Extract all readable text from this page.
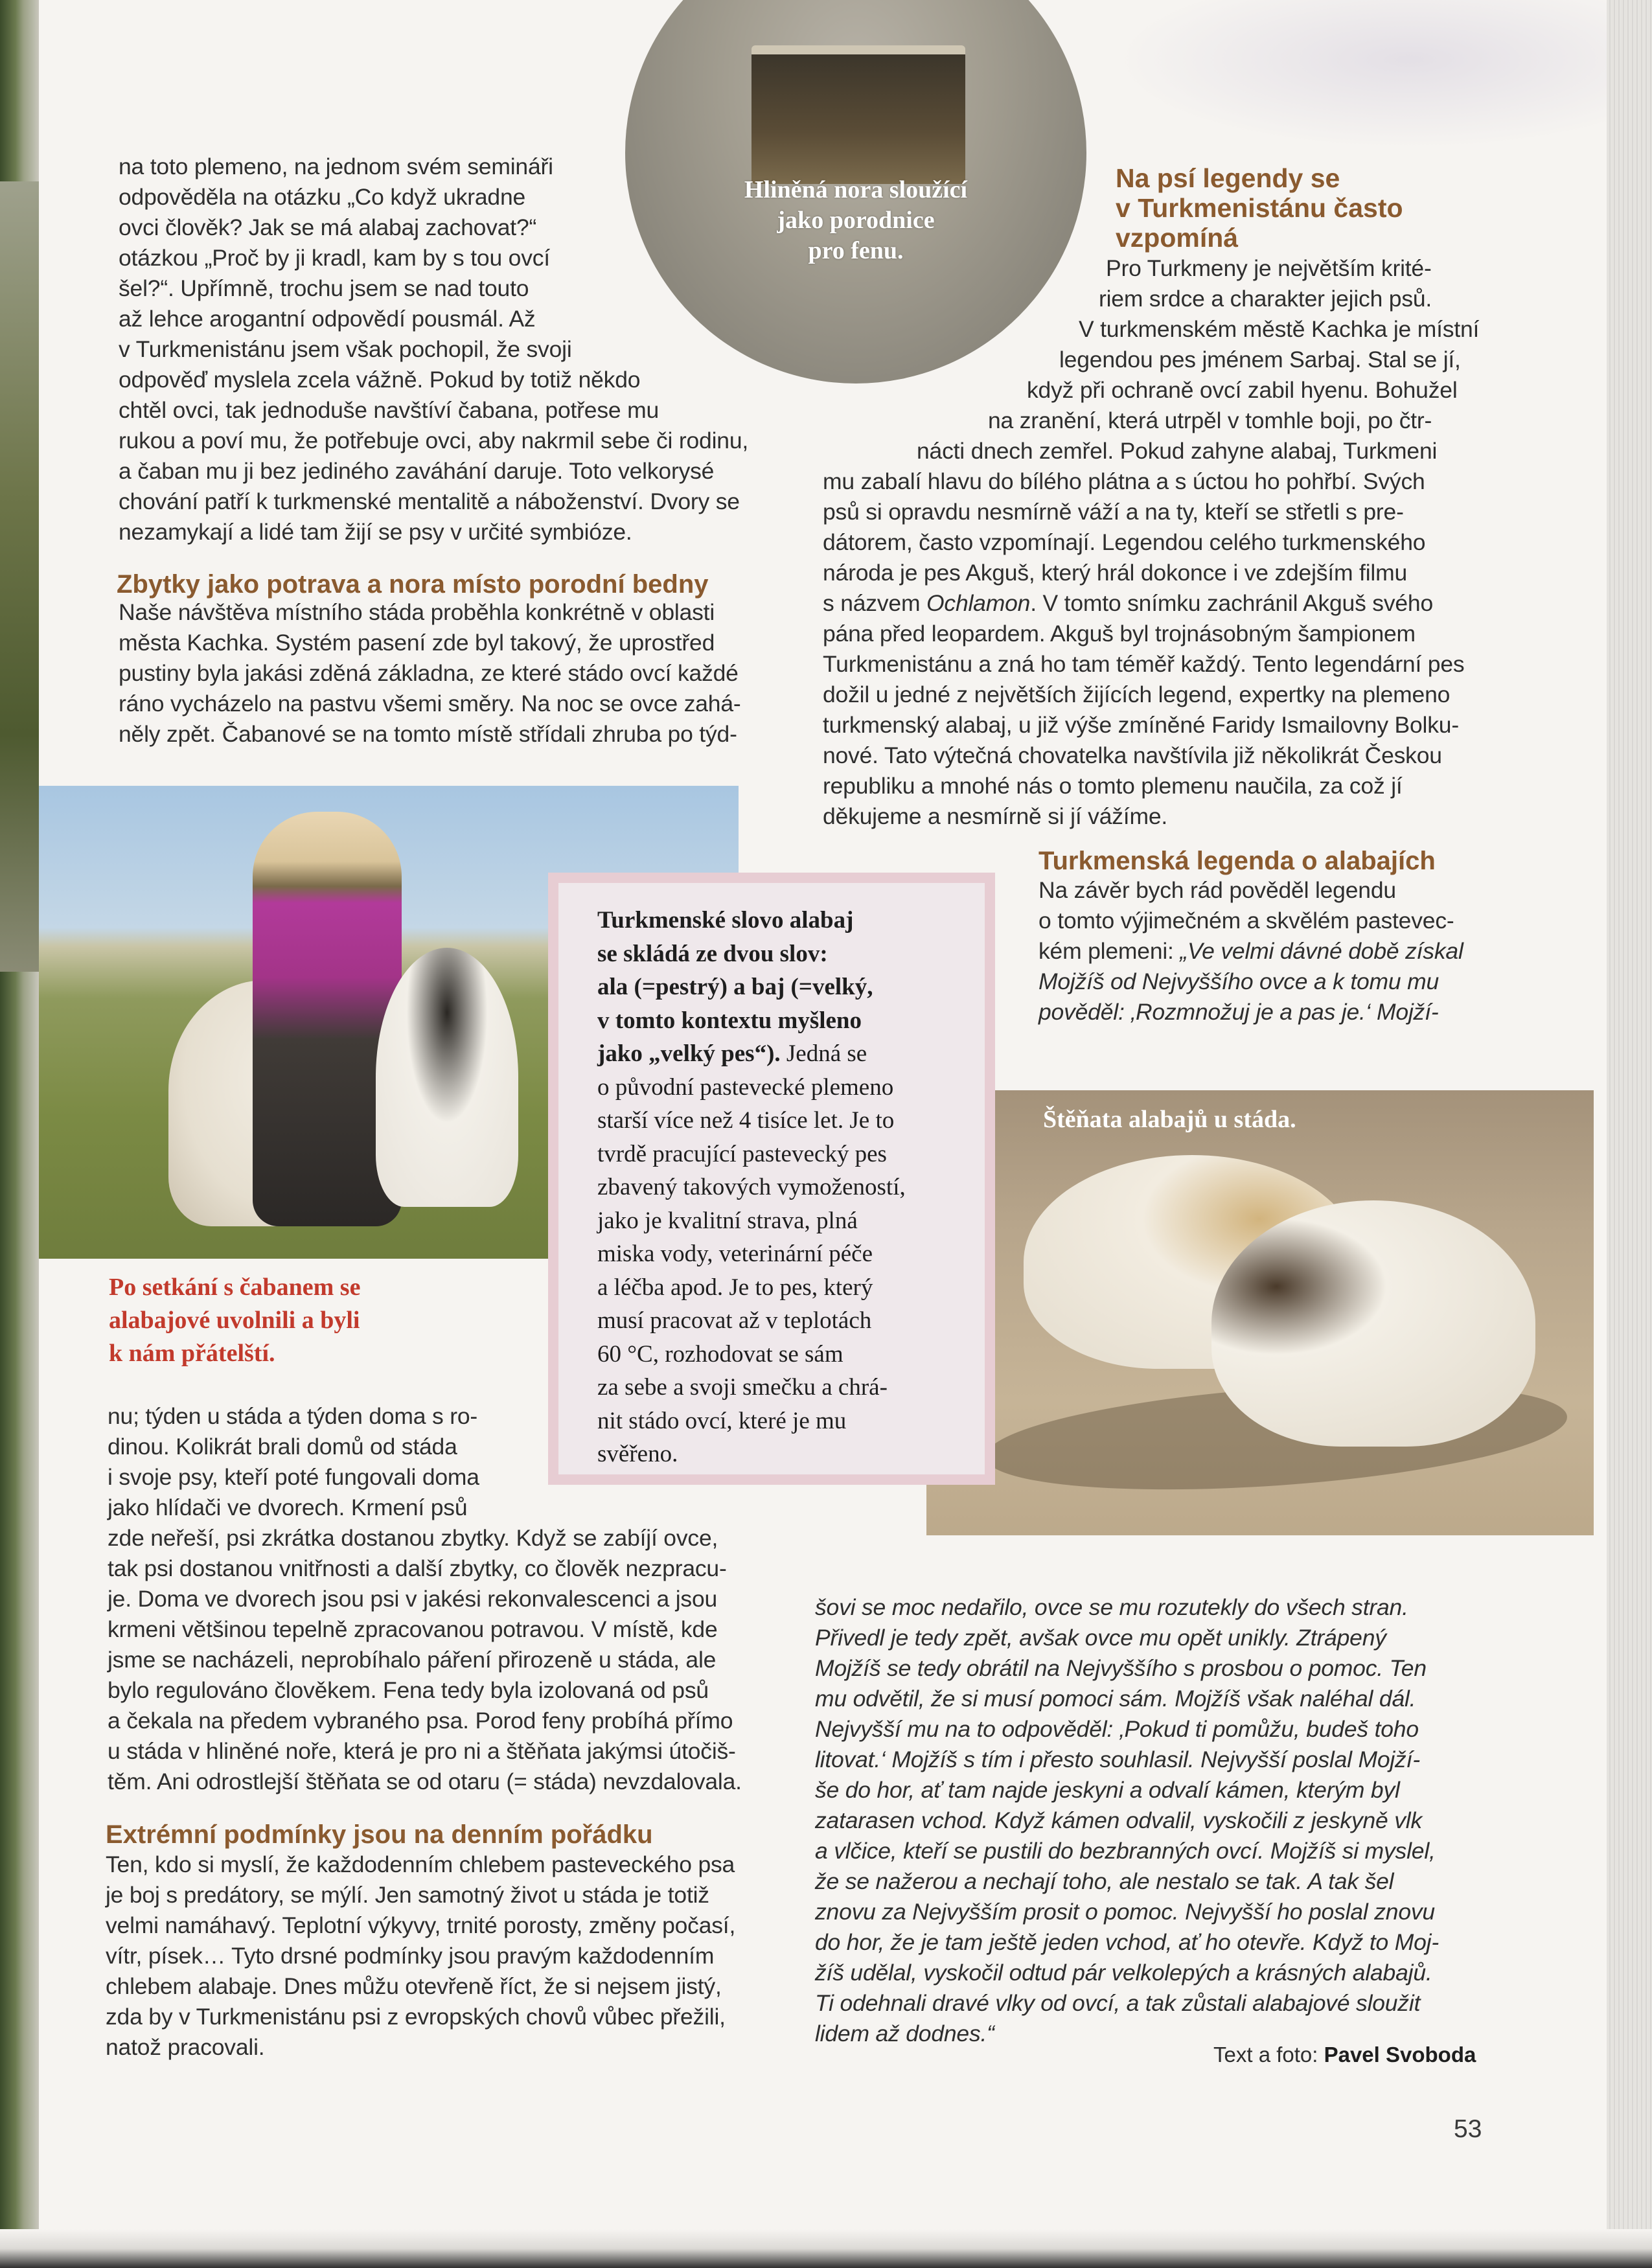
na toto plemeno, na jednom svém semináři
odpověděla na otázku „Co když ukradne
ovci člověk? Jak se má alabaj zachovat?“
otázkou „Proč by ji kradl, kam by s tou ovcí
šel?“. Upřímně, trochu jsem se nad touto
až lehce arogantní odpovědí pousmál. Až
v Turkmenistánu jsem však pochopil, že svoji
odpověď myslela zcela vážně. Pokud by totiž někdo
chtěl ovci, tak jednoduše navštíví čabana, potřese mu
rukou a poví mu, že potřebuje ovci, aby nakrmil sebe či rodinu,
a čaban mu ji bez jediného zaváhání daruje. Toto velkorysé
chování patří k turkmenské mentalitě a náboženství. Dvory se
nezamykají a lidé tam žijí se psy v určité symbióze.

Zbytky jako potrava a nora místo porodní bedny

Naše návštěva místního stáda proběhla konkrétně v oblasti
města Kachka. Systém pasení zde byl takový, že uprostřed
pustiny byla jakási zděná základna, ze které stádo ovcí každé
ráno vycházelo na pastvu všemi směry. Na noc se ovce zahá-
něly zpět. Čabanové se na tomto místě střídali zhruba po týd-

Hliněná nora sloužící
jako porodnice
pro fenu.
Na psí legendy se
v Turkmenistánu často
vzpomíná

Pro Turkmeny je největším krité-

riem srdce a charakter jejich psů.

V turkmenském městě Kachka je místní

legendou pes jménem Sarbaj. Stal se jí,

když při ochraně ovcí zabil hyenu. Bohužel

na zranění, která utrpěl v tomhle boji, po čtr-

nácti dnech zemřel. Pokud zahyne alabaj, Turkmeni

mu zabalí hlavu do bílého plátna a s úctou ho pohřbí. Svých

psů si opravdu nesmírně váží a na ty, kteří se střetli s pre-

dátorem, často vzpomínají. Legendou celého turkmenského

národa je pes Akguš, který hrál dokonce i ve zdejším filmu

s názvem Ochlamon. V tomto snímku zachránil Akguš svého

pána před leopardem. Akguš byl trojnásobným šampionem
Turkmenistánu a zná ho tam téměř každý. Tento legendární pes
dožil u jedné z největších žijících legend, expertky na plemeno
turkmenský alabaj, u již výše zmíněné Faridy Ismailovny Bolku-
nové. Tato výtečná chovatelka navštívila již několikrát Českou
republiku a mnohé nás o tomto plemenu naučila, za což jí
děkujeme a nesmírně si jí vážíme.

Turkmenská legenda o alabajích

Na závěr bych rád pověděl legendu
o tomto výjimečném a skvělém pastevec-
kém plemeni: „Ve velmi dávné době získal
Mojžíš od Nejvyššího ovce a k tomu mu
pověděl: ‚Rozmnožuj je a pas je.‘ Mojží-

Po setkání s čabanem se
alabajové uvolnili a byli
k nám přátelští.

Štěňata alabajů u stáda.

Turkmenské slovo alabaj
se skládá ze dvou slov:
ala (=pestrý) a baj (=velký,
v tomto kontextu myšleno
jako „velký pes“). Jedná se
o původní pastevecké plemeno
starší více než 4 tisíce let. Je to
tvrdě pracující pastevecký pes
zbavený takových vymožeností,
jako je kvalitní strava, plná
miska vody, veterinární péče
a léčba apod. Je to pes, který
musí pracovat až v teplotách
60 °C, rozhodovat se sám
za sebe a svoji smečku a chrá-
nit stádo ovcí, které je mu
svěřeno.

nu; týden u stáda a týden doma s ro-
dinou. Kolikrát brali domů od stáda
i svoje psy, kteří poté fungovali doma
jako hlídači ve dvorech. Krmení psů

zde neřeší, psi zkrátka dostanou zbytky. Když se zabíjí ovce,
tak psi dostanou vnitřnosti a další zbytky, co člověk nezpracu-
je. Doma ve dvorech jsou psi v jakési rekonvalescenci a jsou
krmeni většinou tepelně zpracovanou potravou. V místě, kde
jsme se nacházeli, neprobíhalo páření přirozeně u stáda, ale
bylo regulováno člověkem. Fena tedy byla izolovaná od psů
a čekala na předem vybraného psa. Porod feny probíhá přímo
u stáda v hliněné noře, která je pro ni a štěňata jakýmsi útočiš-
těm. Ani odrostlejší štěňata se od otaru (= stáda) nevzdalovala.

Extrémní podmínky jsou na denním pořádku

Ten, kdo si myslí, že každodenním chlebem pasteveckého psa
je boj s predátory, se mýlí. Jen samotný život u stáda je totiž
velmi namáhavý. Teplotní výkyvy, trnité porosty, změny počasí,
vítr, písek… Tyto drsné podmínky jsou pravým každodenním
chlebem alabaje. Dnes můžu otevřeně říct, že si nejsem jistý,
zda by v Turkmenistánu psi z evropských chovů vůbec přežili,
natož pracovali.

šovi se moc nedařilo, ovce se mu rozutekly do všech stran.
Přivedl je tedy zpět, avšak ovce mu opět unikly. Ztrápený
Mojžíš se tedy obrátil na Nejvyššího s prosbou o pomoc. Ten
mu odvětil, že si musí pomoci sám. Mojžíš však naléhal dál.
Nejvyšší mu na to odpověděl: ‚Pokud ti pomůžu, budeš toho
litovat.‘ Mojžíš s tím i přesto souhlasil. Nejvyšší poslal Mojží-
še do hor, ať tam najde jeskyni a odvalí kámen, kterým byl
zatarasen vchod. Když kámen odvalil, vyskočili z jeskyně vlk
a vlčice, kteří se pustili do bezbranných ovcí. Mojžíš si myslel,
že se nažerou a nechají toho, ale nestalo se tak. A tak šel
znovu za Nejvyšším prosit o pomoc. Nejvyšší ho poslal znovu
do hor, že je tam ještě jeden vchod, ať ho otevře. Když to Moj-
žíš udělal, vyskočil odtud pár velkolepých a krásných alabajů.
Ti odehnali dravé vlky od ovcí, a tak zůstali alabajové sloužit
lidem až dodnes.“

Text a foto: Pavel Svoboda

53
